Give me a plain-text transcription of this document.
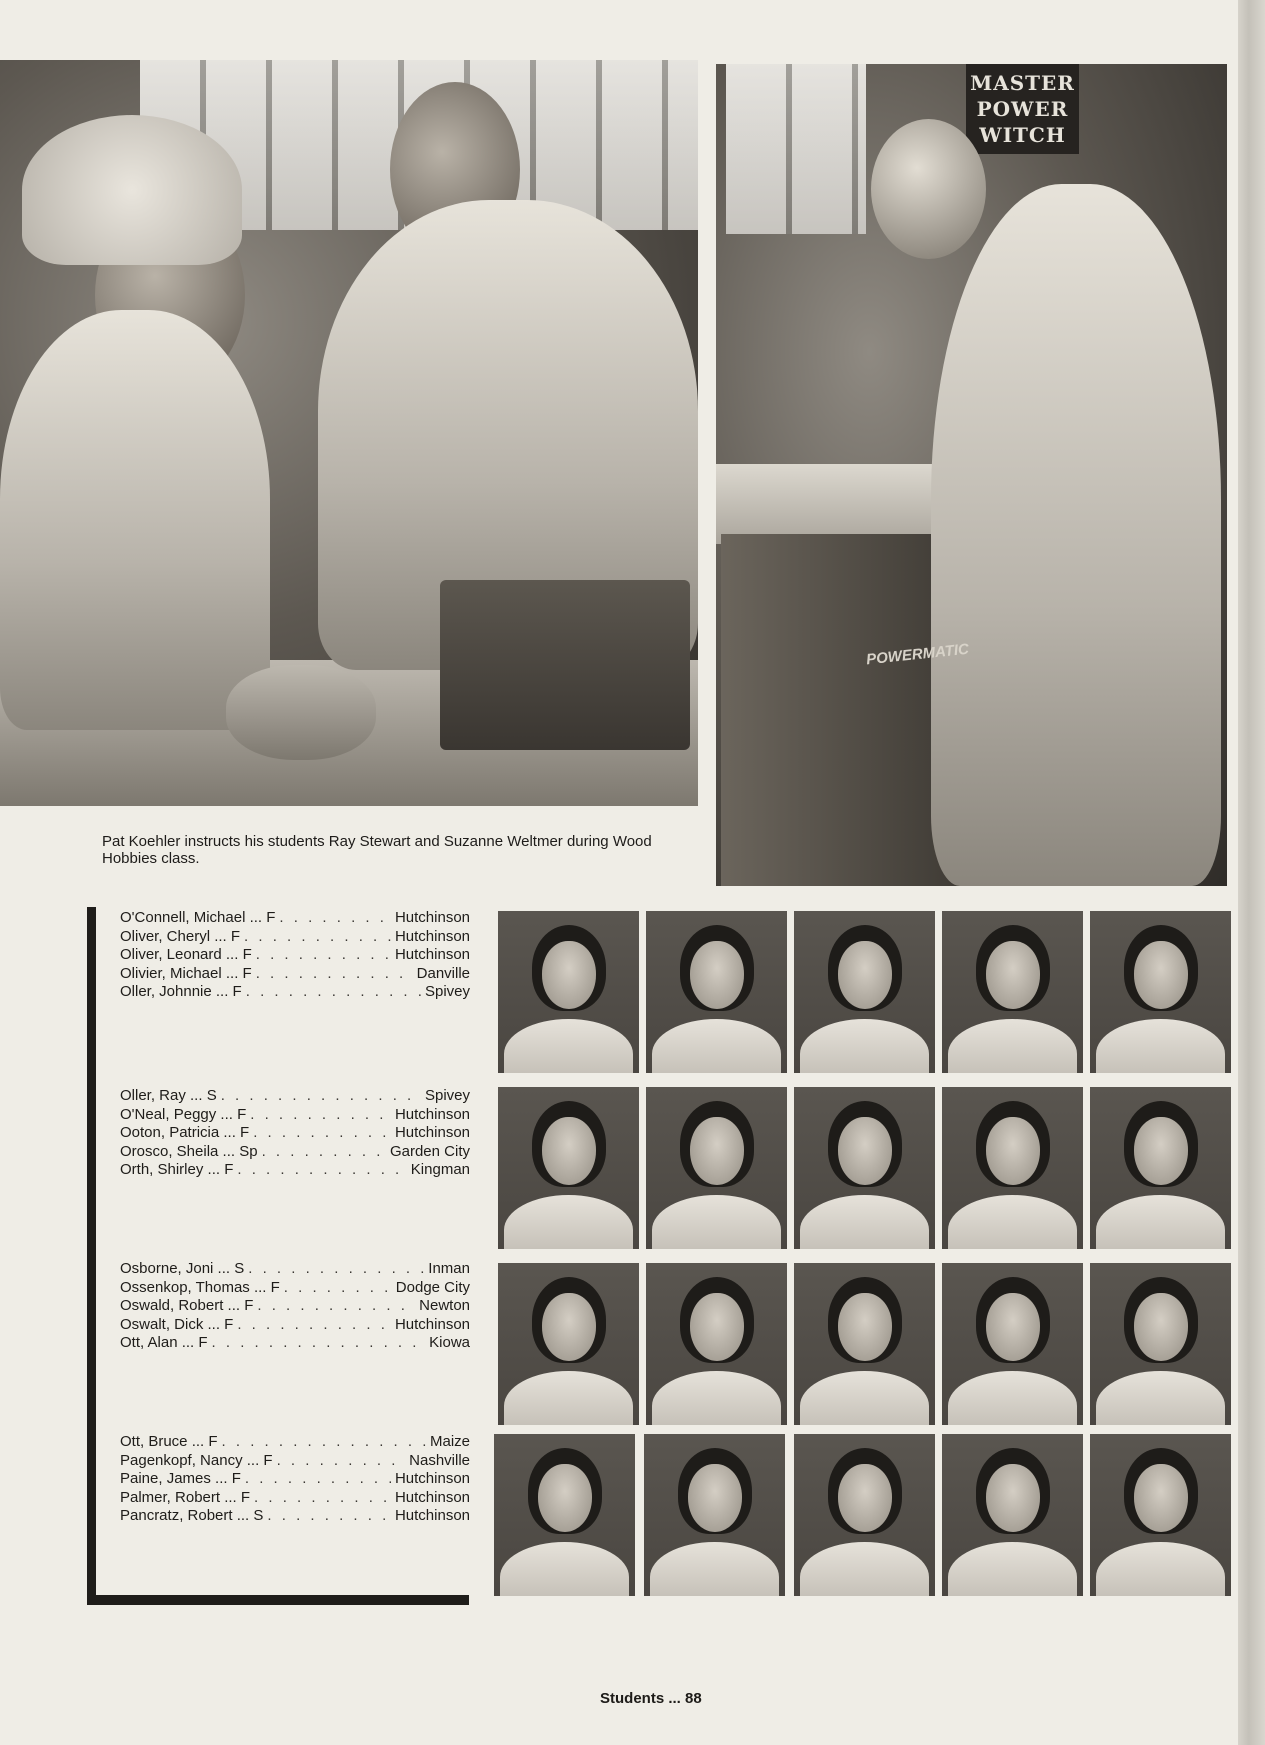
MASTER
POWER
WITCH
POWERMATIC
Pat Koehler instructs his students Ray Stewart and Suzanne Weltmer during Wood Hobbies class.
O'Connell, Michael ... F . . .	Hutchinson
Oliver, Cheryl ... F . . .	Hutchinson
Oliver, Leonard ... F . . .	Hutchinson
Olivier, Michael ... F . . .	Danville
Oller, Johnnie ... F . . .	Spivey
Oller, Ray ... S . . .	Spivey
O'Neal, Peggy ... F . . .	Hutchinson
Ooton, Patricia ... F . . .	Hutchinson
Orosco, Sheila ... Sp . . .	Garden City
Orth, Shirley ... F . . .	Kingman
Osborne, Joni ... S . . .	Inman
Ossenkop, Thomas ... F . . .	Dodge City
Oswald, Robert ... F . . .	Newton
Oswalt, Dick ... F . . .	Hutchinson
Ott, Alan ... F . . .	Kiowa
Ott, Bruce ... F . . .	Maize
Pagenkopf, Nancy ... F . . .	Nashville
Paine, James ... F . . .	Hutchinson
Palmer, Robert ... F . . .	Hutchinson
Pancratz, Robert ... S . . .	Hutchinson
Students ... 88
